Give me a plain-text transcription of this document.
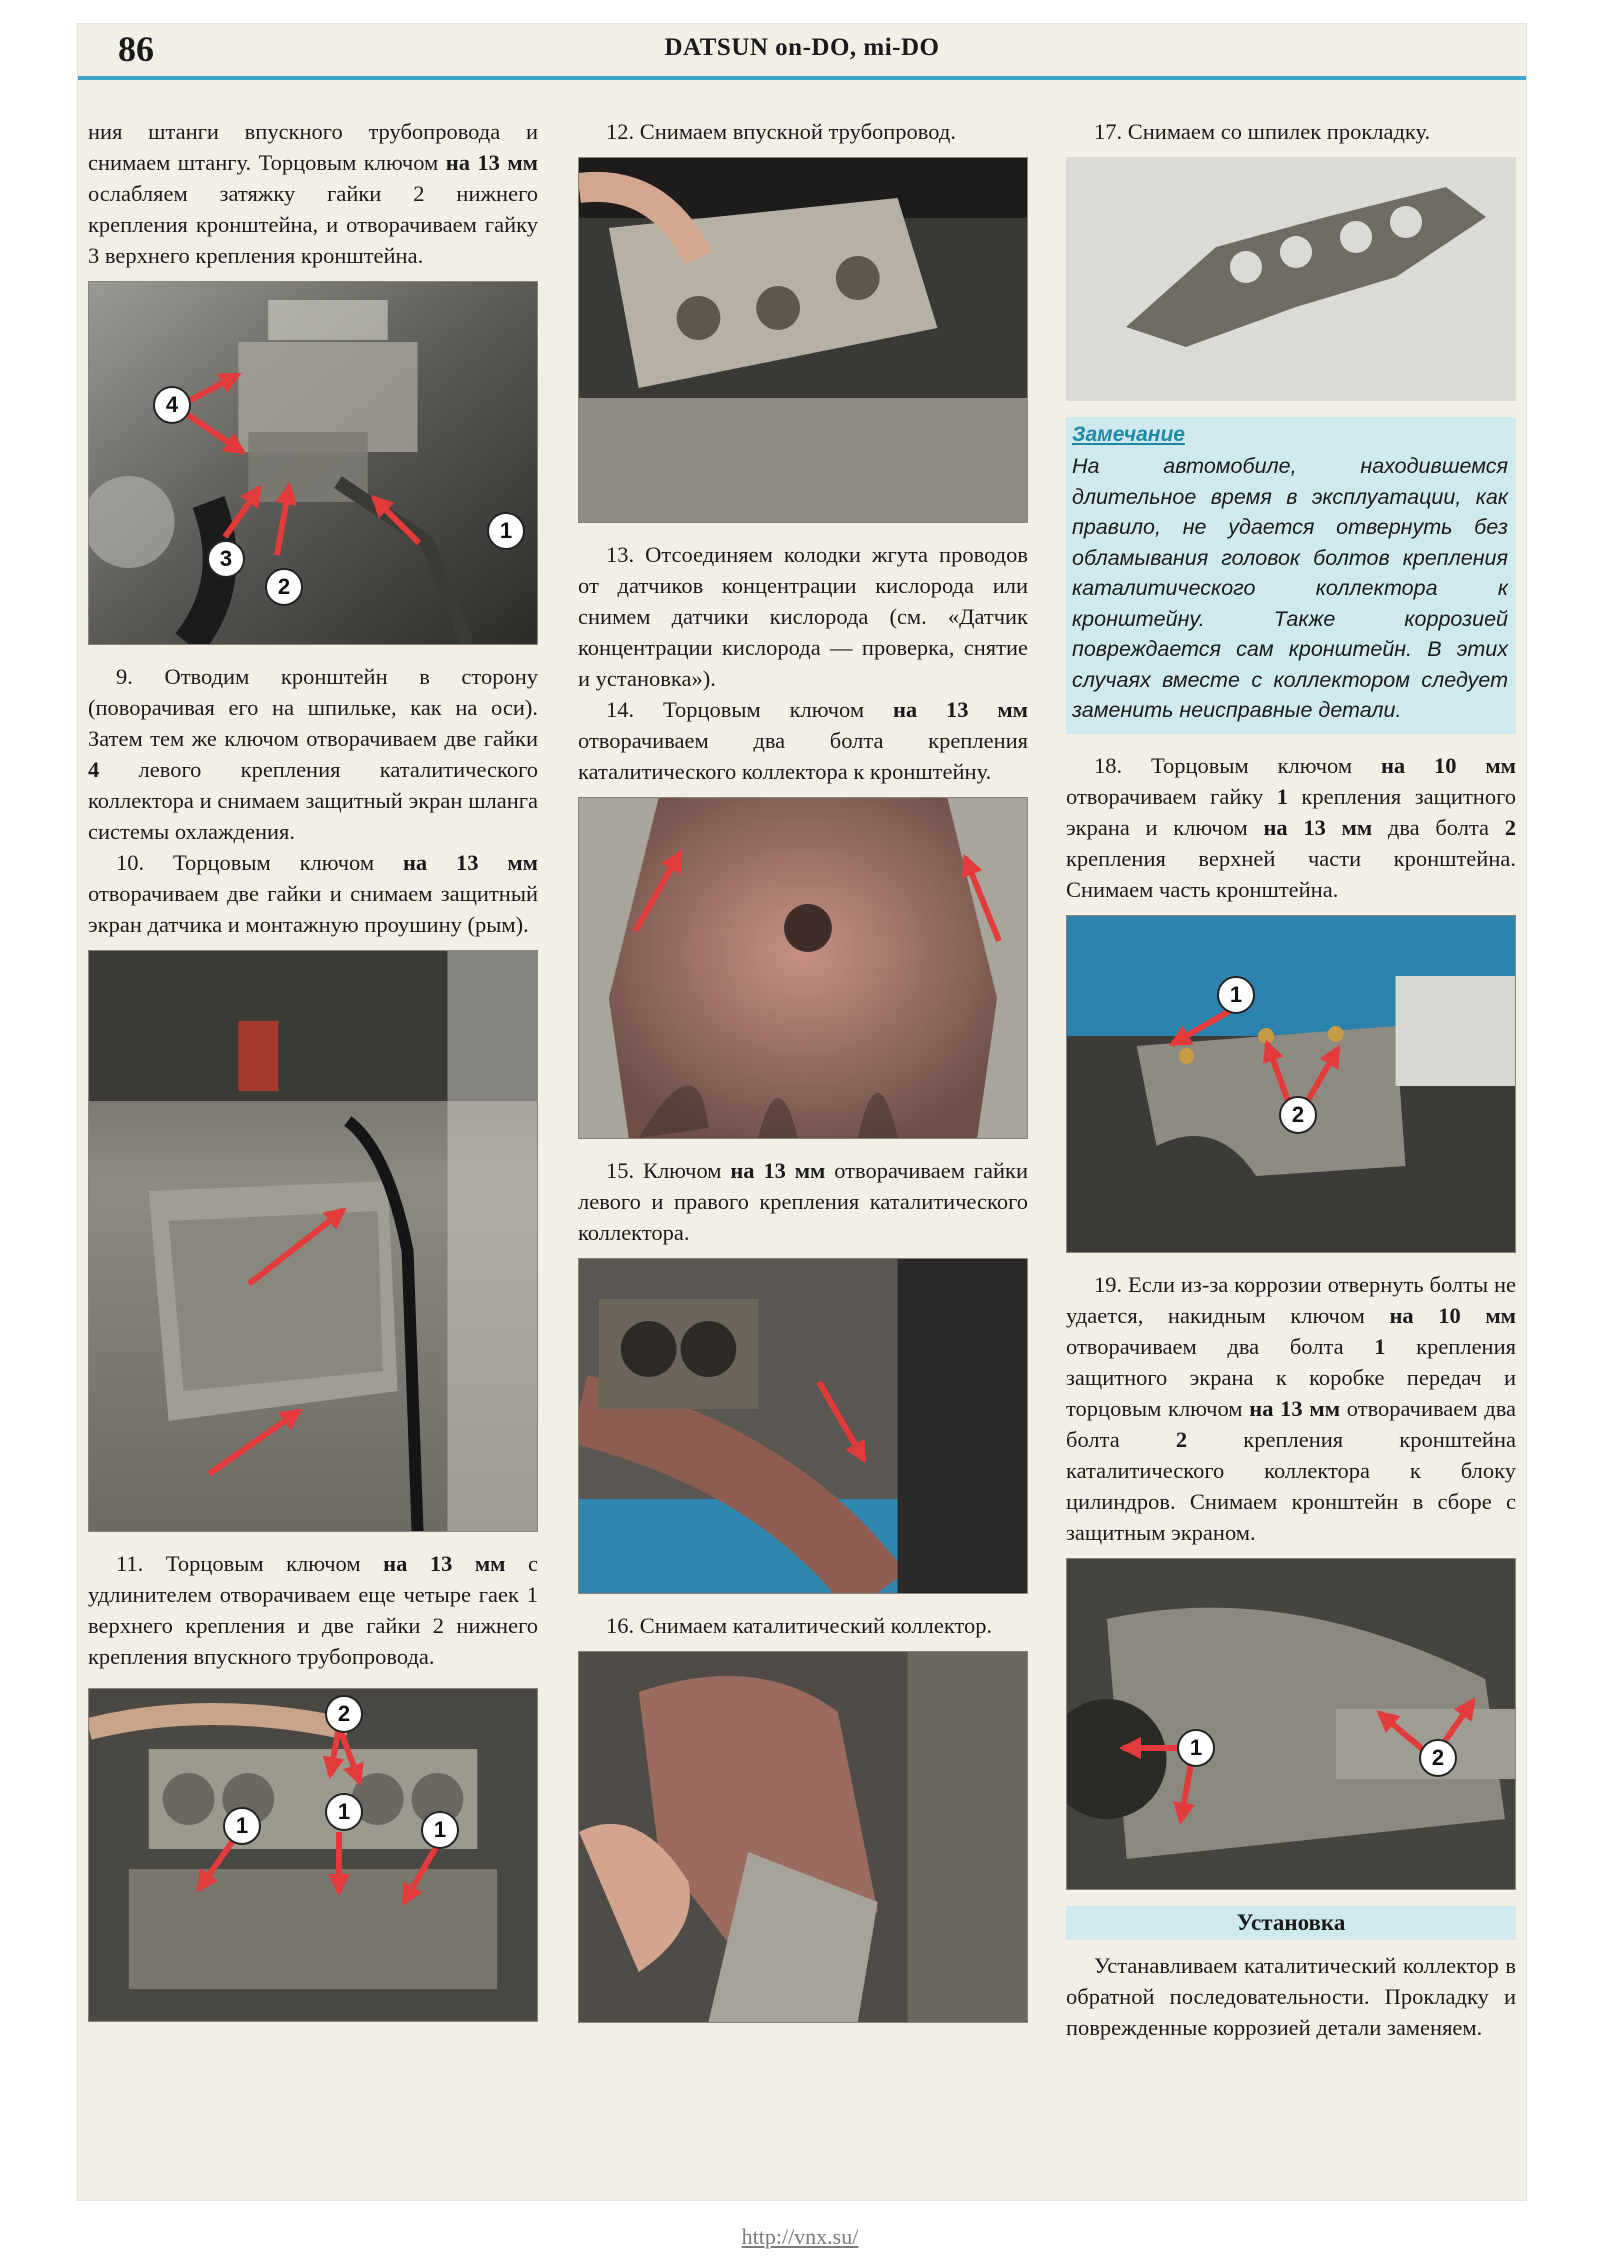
86	DATSUN on-DO, mi-DO

ния штанги впускного трубопровода и снимаем штангу. Торцовым ключом на 13 мм ослабляем затяжку гайки 2 нижнего крепления кронштейна, и отворачиваем гайку 3 верхнего крепления кронштейна.

4
3
2
1

9. Отводим кронштейн в сторону (поворачивая его на шпильке, как на оси). Затем тем же ключом отворачиваем две гайки 4 левого крепления каталитического коллектора и снимаем защитный экран шланга системы охлаждения.

10. Торцовым ключом на 13 мм отворачиваем две гайки и снимаем защитный экран датчика и монтажную проушину (рым).

11. Торцовым ключом на 13 мм с удлинителем отворачиваем еще четыре гаек 1 верхнего крепления и две гайки 2 нижнего крепления впускного трубопровода.

2
1
1
1

12. Снимаем впускной трубопровод.

13. Отсоединяем колодки жгута проводов от датчиков концентрации кислорода или снимем датчики кислорода (см. «Датчик концентрации кислорода — проверка, снятие и установка»).

14. Торцовым ключом на 13 мм отворачиваем два болта крепления каталитического коллектора к кронштейну.

15. Ключом на 13 мм отворачиваем гайки левого и правого крепления каталитического коллектора.

16. Снимаем каталитический коллектор.

17. Снимаем со шпилек прокладку.

Замечание

На автомобиле, находившемся длительное время в эксплуатации, как правило, не удается отвернуть без обламывания головок болтов крепления каталитического коллектора к кронштейну. Также коррозией повреждается сам кронштейн. В этих случаях вместе с коллектором следует заменить неисправные детали.

18. Торцовым ключом на 10 мм отворачиваем гайку 1 крепления защитного экрана и ключом на 13 мм два болта 2 крепления верхней части кронштейна. Снимаем часть кронштейна.

1
2

19. Если из-за коррозии отвернуть болты не удается, накидным ключом на 10 мм отворачиваем два болта 1 крепления защитного экрана к коробке передач и торцовым ключом на 13 мм отворачиваем два болта 2 крепления кронштейна каталитического коллектора к блоку цилиндров. Снимаем кронштейн в сборе с защитным экраном.

1	2

Установка

Устанавливаем каталитический коллектор в обратной последовательности. Прокладку и поврежденные коррозией детали заменяем.

http://vnx.su/
